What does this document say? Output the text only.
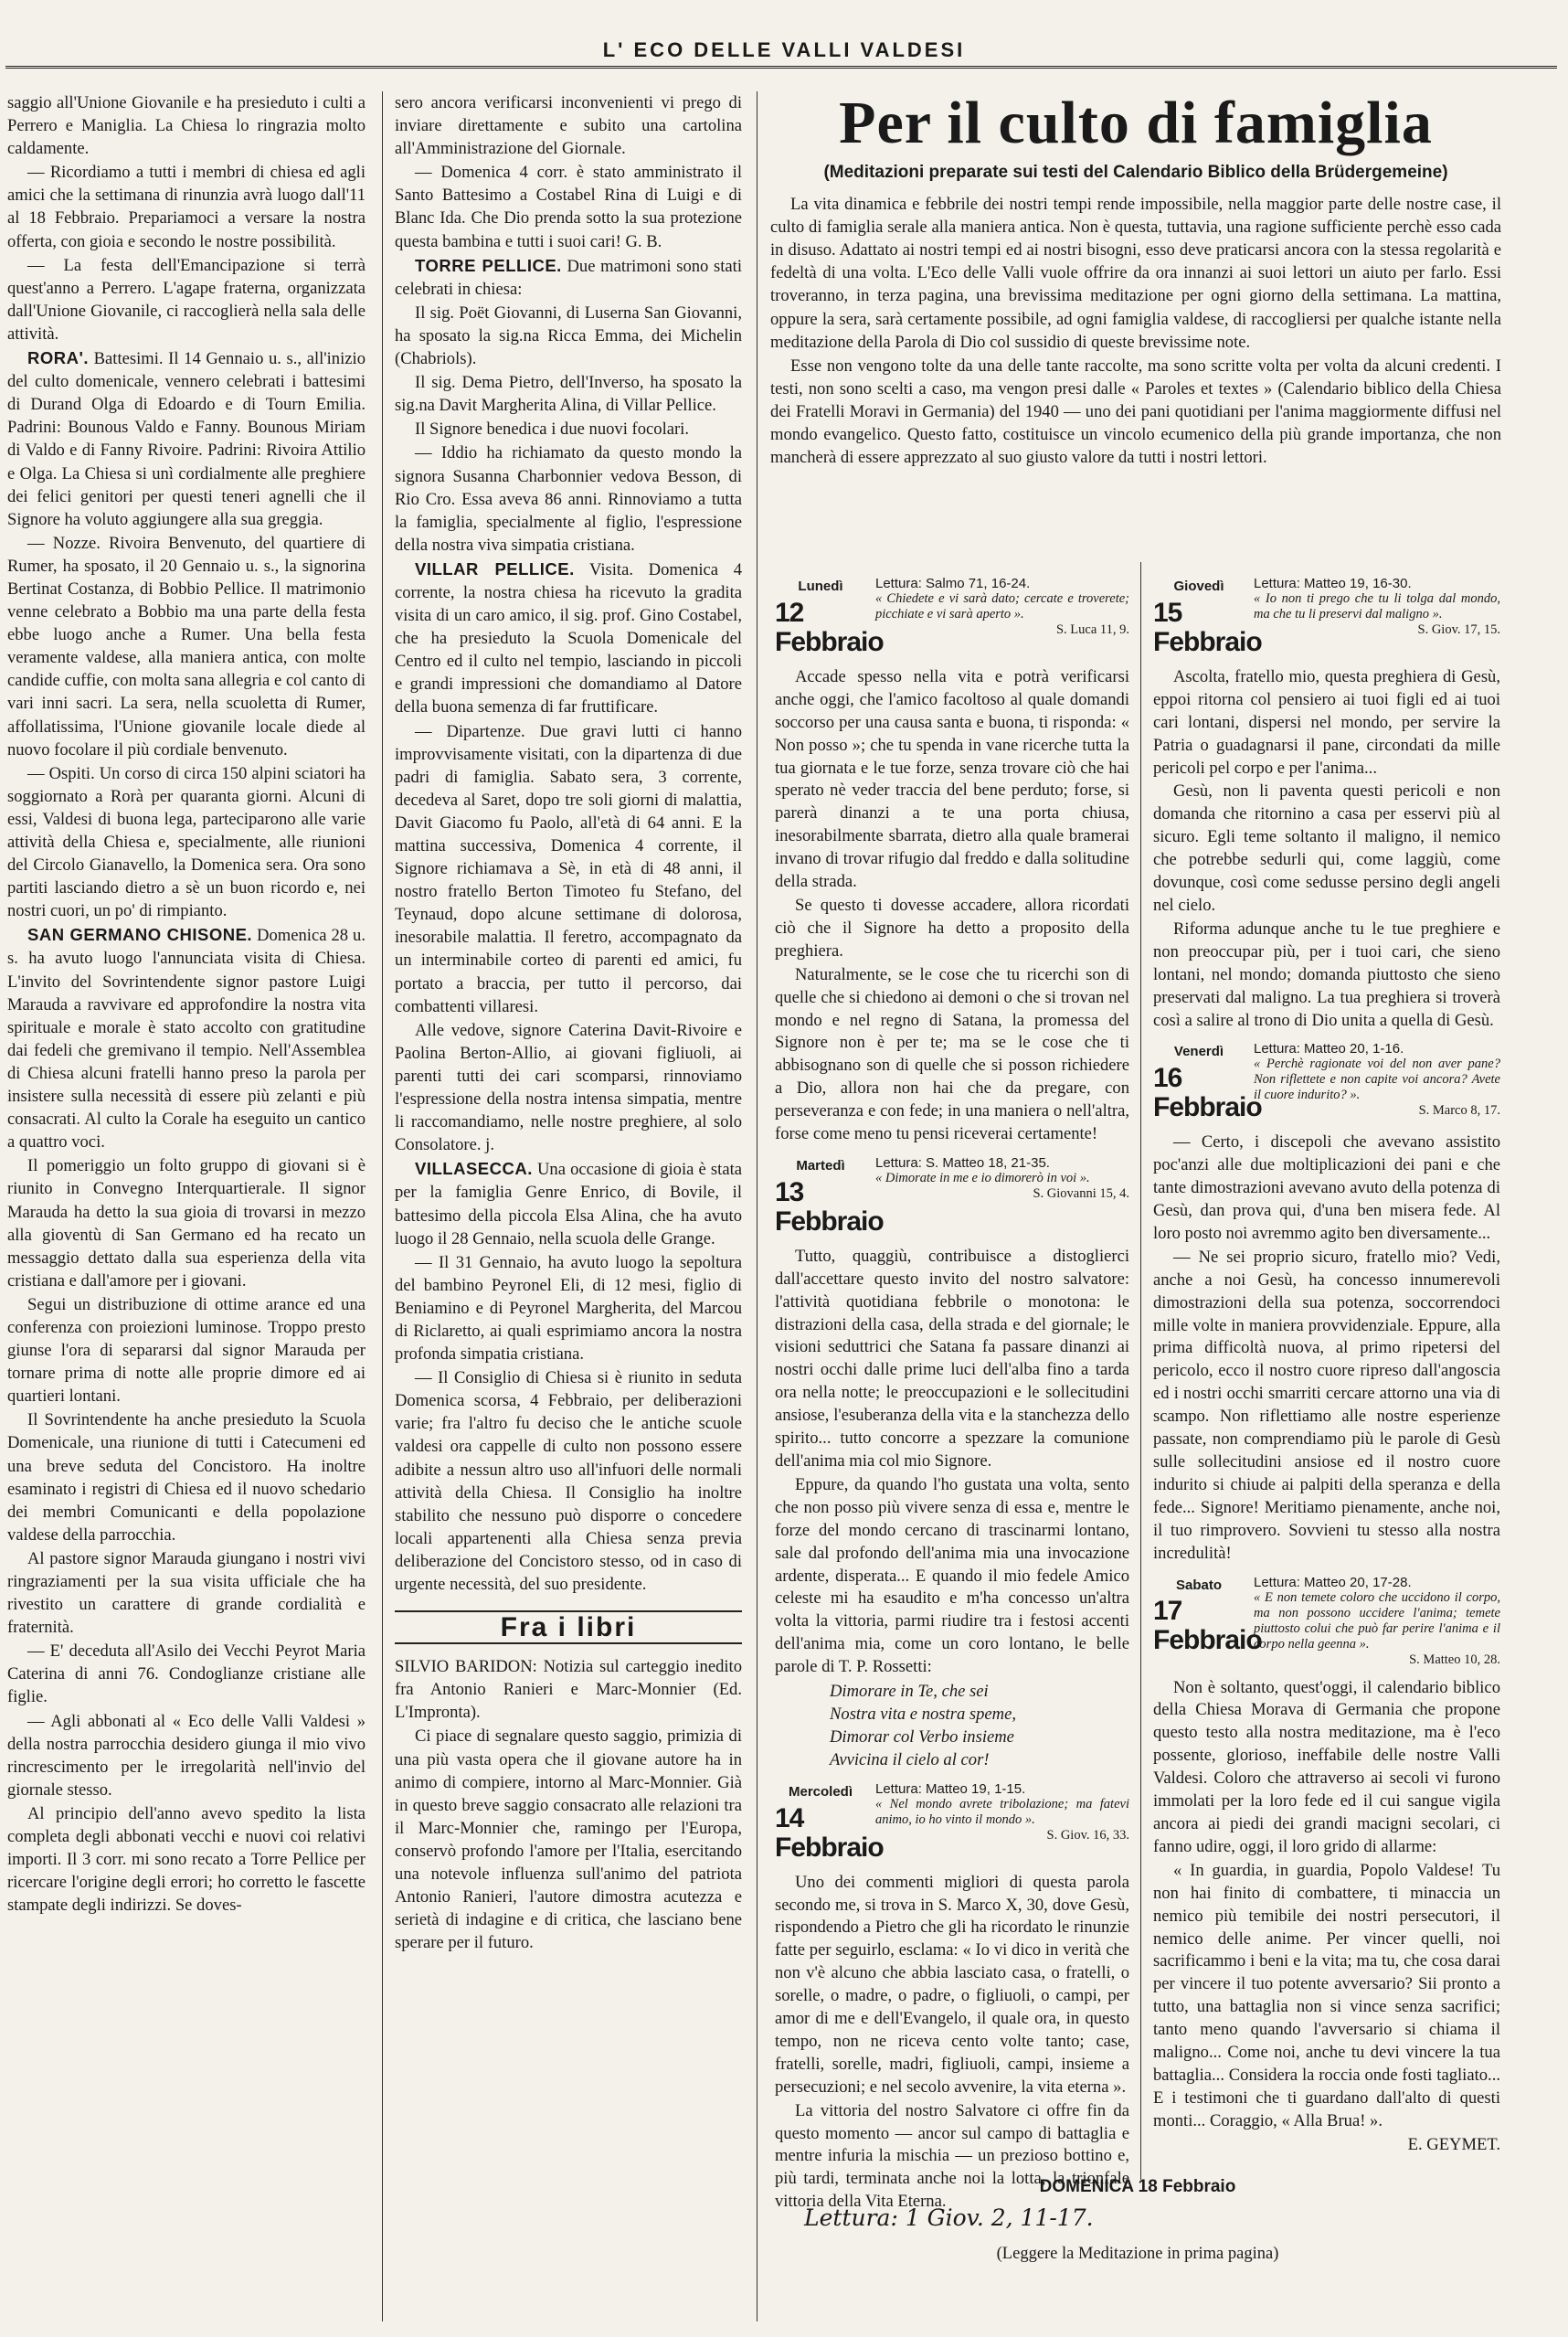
L' ECO DELLE VALLI VALDESI

saggio all'Unione Giovanile e ha presieduto i culti a Perrero e Maniglia. La Chiesa lo ringrazia molto caldamente.

— Ricordiamo a tutti i membri di chiesa ed agli amici che la settimana di rinunzia avrà luogo dall'11 al 18 Febbraio. Prepariamoci a versare la nostra offerta, con gioia e secondo le nostre possibilità.

— La festa dell'Emancipazione si terrà quest'anno a Perrero. L'agape fraterna, organizzata dall'Unione Giovanile, ci raccoglierà nella sala delle attività.

RORA'. Battesimi. Il 14 Gennaio u. s., all'inizio del culto domenicale, vennero celebrati i battesimi di Durand Olga di Edoardo e di Tourn Emilia. Padrini: Bounous Valdo e Fanny. Bounous Miriam di Valdo e di Fanny Rivoire. Padrini: Rivoira Attilio e Olga. La Chiesa si unì cordialmente alle preghiere dei felici genitori per questi teneri agnelli che il Signore ha voluto aggiungere alla sua greggia.

— Nozze. Rivoira Benvenuto, del quartiere di Rumer, ha sposato, il 20 Gennaio u. s., la signorina Bertinat Costanza, di Bobbio Pellice. Il matrimonio venne celebrato a Bobbio ma una parte della festa ebbe luogo anche a Rumer. Una bella festa veramente valdese, alla maniera antica, con molte candide cuffie, con molta sana allegria e col canto di vari inni sacri. La sera, nella scuoletta di Rumer, affollatissima, l'Unione giovanile locale diede al nuovo focolare il più cordiale benvenuto.

— Ospiti. Un corso di circa 150 alpini sciatori ha soggiornato a Rorà per quaranta giorni. Alcuni di essi, Valdesi di buona lega, parteciparono alle varie attività della Chiesa e, specialmente, alle riunioni del Circolo Gianavello, la Domenica sera. Ora sono partiti lasciando dietro a sè un buon ricordo e, nei nostri cuori, un po' di rimpianto.

SAN GERMANO CHISONE. Domenica 28 u. s. ha avuto luogo l'annunciata visita di Chiesa. L'invito del Sovrintendente signor pastore Luigi Marauda a ravvivare ed approfondire la nostra vita spirituale e morale è stato accolto con gratitudine dai fedeli che gremivano il tempio. Nell'Assemblea di Chiesa alcuni fratelli hanno preso la parola per insistere sulla necessità di essere più zelanti e più consacrati. Al culto la Corale ha eseguito un cantico a quattro voci.

Il pomeriggio un folto gruppo di giovani si è riunito in Convegno Interquartierale. Il signor Marauda ha detto la sua gioia di trovarsi in mezzo alla gioventù di San Germano ed ha recato un messaggio dettato dalla sua esperienza della vita cristiana e dall'amore per i giovani.

Segui un distribuzione di ottime arance ed una conferenza con proiezioni luminose. Troppo presto giunse l'ora di separarsi dal signor Marauda per tornare prima di notte alle proprie dimore ed ai quartieri lontani.

Il Sovrintendente ha anche presieduto la Scuola Domenicale, una riunione di tutti i Catecumeni ed una breve seduta del Concistoro. Ha inoltre esaminato i registri di Chiesa ed il nuovo schedario dei membri Comunicanti e della popolazione valdese della parrocchia.

Al pastore signor Marauda giungano i nostri vivi ringraziamenti per la sua visita ufficiale che ha rivestito un carattere di grande cordialità e fraternità.

— E' deceduta all'Asilo dei Vecchi Peyrot Maria Caterina di anni 76. Condoglianze cristiane alle figlie.

— Agli abbonati al « Eco delle Valli Valdesi » della nostra parrocchia desidero giunga il mio vivo rincrescimento per le irregolarità nell'invio del giornale stesso.

Al principio dell'anno avevo spedito la lista completa degli abbonati vecchi e nuovi coi relativi importi. Il 3 corr. mi sono recato a Torre Pellice per ricercare l'origine degli errori; ho corretto le fascette stampate degli indirizzi. Se doves-

sero ancora verificarsi inconvenienti vi prego di inviare direttamente e subito una cartolina all'Amministrazione del Giornale.

— Domenica 4 corr. è stato amministrato il Santo Battesimo a Costabel Rina di Luigi e di Blanc Ida. Che Dio prenda sotto la sua protezione questa bambina e tutti i suoi cari! G. B.

TORRE PELLICE. Due matrimoni sono stati celebrati in chiesa:

Il sig. Poët Giovanni, di Luserna San Giovanni, ha sposato la sig.na Ricca Emma, dei Michelin (Chabriols).

Il sig. Dema Pietro, dell'Inverso, ha sposato la sig.na Davit Margherita Alina, di Villar Pellice.

Il Signore benedica i due nuovi focolari.

— Iddio ha richiamato da questo mondo la signora Susanna Charbonnier vedova Besson, di Rio Cro. Essa aveva 86 anni. Rinnoviamo a tutta la famiglia, specialmente al figlio, l'espressione della nostra viva simpatia cristiana.

VILLAR PELLICE. Visita. Domenica 4 corrente, la nostra chiesa ha ricevuto la gradita visita di un caro amico, il sig. prof. Gino Costabel, che ha presieduto la Scuola Domenicale del Centro ed il culto nel tempio, lasciando in piccoli e grandi impressioni che domandiamo al Datore della buona semenza di far fruttificare.

— Dipartenze. Due gravi lutti ci hanno improvvisamente visitati, con la dipartenza di due padri di famiglia. Sabato sera, 3 corrente, decedeva al Saret, dopo tre soli giorni di malattia, Davit Giacomo fu Paolo, all'età di 64 anni. E la mattina successiva, Domenica 4 corrente, il Signore richiamava a Sè, in età di 48 anni, il nostro fratello Berton Timoteo fu Stefano, del Teynaud, dopo alcune settimane di dolorosa, inesorabile malattia. Il feretro, accompagnato da un interminabile corteo di parenti ed amici, fu portato a braccia, per tutto il percorso, dai combattenti villaresi.

Alle vedove, signore Caterina Davit-Rivoire e Paolina Berton-Allio, ai giovani figliuoli, ai parenti tutti dei cari scomparsi, rinnoviamo l'espressione della nostra intensa simpatia, mentre li raccomandiamo, nelle nostre preghiere, al solo Consolatore. j.

VILLASECCA. Una occasione di gioia è stata per la famiglia Genre Enrico, di Bovile, il battesimo della piccola Elsa Alina, che ha avuto luogo il 28 Gennaio, nella scuola delle Grange.

— Il 31 Gennaio, ha avuto luogo la sepoltura del bambino Peyronel Eli, di 12 mesi, figlio di Beniamino e di Peyronel Margherita, del Marcou di Riclaretto, ai quali esprimiamo ancora la nostra profonda simpatia cristiana.

— Il Consiglio di Chiesa si è riunito in seduta Domenica scorsa, 4 Febbraio, per deliberazioni varie; fra l'altro fu deciso che le antiche scuole valdesi ora cappelle di culto non possono essere adibite a nessun altro uso all'infuori delle normali attività della Chiesa. Il Consiglio ha inoltre stabilito che nessuno può disporre o concedere locali appartenenti alla Chiesa senza previa deliberazione del Concistoro stesso, od in caso di urgente necessità, del suo presidente.

Fra i libri

SILVIO BARIDON: Notizia sul carteggio inedito fra Antonio Ranieri e Marc-Monnier (Ed. L'Impronta).

Ci piace di segnalare questo saggio, primizia di una più vasta opera che il giovane autore ha in animo di compiere, intorno al Marc-Monnier. Già in questo breve saggio consacrato alle relazioni tra il Marc-Monnier che, ramingo per l'Europa, conservò profondo l'amore per l'Italia, esercitando una notevole influenza sull'animo del patriota Antonio Ranieri, l'autore dimostra acutezza e serietà di indagine e di critica, che lasciano bene sperare per il futuro.

Per il culto di famiglia
(Meditazioni preparate sui testi del Calendario Biblico della Brüdergemeine)

La vita dinamica e febbrile dei nostri tempi rende impossibile, nella maggior parte delle nostre case, il culto di famiglia serale alla maniera antica. Non è questa, tuttavia, una ragione sufficiente perchè esso cada in disuso. Adattato ai nostri tempi ed ai nostri bisogni, esso deve praticarsi ancora con la stessa regolarità e fedeltà di una volta. L'Eco delle Valli vuole offrire da ora innanzi ai suoi lettori un aiuto per farlo. Essi troveranno, in terza pagina, una brevissima meditazione per ogni giorno della settimana. La mattina, oppure la sera, sarà certamente possibile, ad ogni famiglia valdese, di raccogliersi per qualche istante nella meditazione della Parola di Dio col sussidio di queste brevissime note.

Esse non vengono tolte da una delle tante raccolte, ma sono scritte volta per volta da alcuni credenti. I testi, non sono scelti a caso, ma vengon presi dalle « Paroles et textes » (Calendario biblico della Chiesa dei Fratelli Moravi in Germania) del 1940 — uno dei pani quotidiani per l'anima maggiormente diffusi nel mondo evangelico. Questo fatto, costituisce un vincolo ecumenico della più grande importanza, che non mancherà di essere apprezzato al suo giusto valore da tutti i nostri lettori.

Lunedì
12 Febbraio
Lettura: Salmo 71, 16-24.
« Chiedete e vi sarà dato; cercate e troverete; picchiate e vi sarà aperto ».
S. Luca 11, 9.

Accade spesso nella vita e potrà verificarsi anche oggi, che l'amico facoltoso al quale domandi soccorso per una causa santa e buona, ti risponda: « Non posso »; che tu spenda in vane ricerche tutta la tua giornata e le tue forze, senza trovare ciò che hai sperato nè veder traccia del bene perduto; forse, si parerà dinanzi a te una porta chiusa, inesorabilmente sbarrata, dietro alla quale bramerai invano di trovar rifugio dal freddo e dalla solitudine della strada.

Se questo ti dovesse accadere, allora ricordati ciò che il Signore ha detto a proposito della preghiera.

Naturalmente, se le cose che tu ricerchi son di quelle che si chiedono ai demoni o che si trovan nel mondo e nel regno di Satana, la promessa del Signore non è per te; ma se le cose che ti abbisognano son di quelle che si posson richiedere a Dio, allora non hai che da pregare, con perseveranza e con fede; in una maniera o nell'altra, forse come meno tu pensi riceverai certamente!

Martedì
13 Febbraio
Lettura: S. Matteo 18, 21-35.
« Dimorate in me e io dimorerò in voi ».
S. Giovanni 15, 4.

Tutto, quaggiù, contribuisce a distoglierci dall'accettare questo invito del nostro salvatore: l'attività quotidiana febbrile o monotona: le distrazioni della casa, della strada e del giornale; le visioni seduttrici che Satana fa passare dinanzi ai nostri occhi dalle prime luci dell'alba fino a tarda ora nella notte; le preoccupazioni e le sollecitudini ansiose, l'esuberanza della vita e la stanchezza dello spirito... tutto concorre a spezzare la comunione dell'anima mia col mio Signore.

Eppure, da quando l'ho gustata una volta, sento che non posso più vivere senza di essa e, mentre le forze del mondo cercano di trascinarmi lontano, sale dal profondo dell'anima mia una invocazione ardente, disperata... E quando il mio fedele Amico celeste mi ha esaudito e m'ha concesso un'altra volta la vittoria, parmi riudire tra i festosi accenti dell'anima mia, come un coro lontano, le belle parole di T. P. Rossetti:

Dimorare in Te, che sei
Nostra vita e nostra speme,
Dimorar col Verbo insieme
Avvicina il cielo al cor!
Mercoledì
14 Febbraio
Lettura: Matteo 19, 1-15.
« Nel mondo avrete tribolazione; ma fatevi animo, io ho vinto il mondo ».
S. Giov. 16, 33.

Uno dei commenti migliori di questa parola secondo me, si trova in S. Marco X, 30, dove Gesù, rispondendo a Pietro che gli ha ricordato le rinunzie fatte per seguirlo, esclama: « Io vi dico in verità che non v'è alcuno che abbia lasciato casa, o fratelli, o sorelle, o madre, o padre, o figliuoli, o campi, per amor di me e dell'Evangelo, il quale ora, in questo tempo, non ne riceva cento volte tanto; case, fratelli, sorelle, madri, figliuoli, campi, insieme a persecuzioni; e nel secolo avvenire, la vita eterna ».

La vittoria del nostro Salvatore ci offre fin da questo momento — ancor sul campo di battaglia e mentre infuria la mischia — un prezioso bottino e, più tardi, terminata anche noi la lotta, la trionfale vittoria della Vita Eterna.

Giovedì
15 Febbraio
Lettura: Matteo 19, 16-30.
« Io non ti prego che tu li tolga dal mondo, ma che tu li preservi dal maligno ».
S. Giov. 17, 15.

Ascolta, fratello mio, questa preghiera di Gesù, eppoi ritorna col pensiero ai tuoi figli ed ai tuoi cari lontani, dispersi nel mondo, per servire la Patria o guadagnarsi il pane, circondati da mille pericoli pel corpo e per l'anima...

Gesù, non li paventa questi pericoli e non domanda che ritornino a casa per esservi più al sicuro. Egli teme soltanto il maligno, il nemico che potrebbe sedurli qui, come laggiù, come dovunque, così come sedusse persino degli angeli nel cielo.

Riforma adunque anche tu le tue preghiere e non preoccupar più, per i tuoi cari, che sieno lontani, nel mondo; domanda piuttosto che sieno preservati dal maligno. La tua preghiera si troverà così a salire al trono di Dio unita a quella di Gesù.

Venerdì
16 Febbraio
Lettura: Matteo 20, 1-16.
« Perchè ragionate voi del non aver pane? Non riflettete e non capite voi ancora? Avete il cuore indurito? ».
S. Marco 8, 17.

— Certo, i discepoli che avevano assistito poc'anzi alle due moltiplicazioni dei pani e che tante dimostrazioni avevano avuto della potenza di Gesù, dan prova qui, d'una ben misera fede. Al loro posto noi avremmo agito ben diversamente...

— Ne sei proprio sicuro, fratello mio? Vedi, anche a noi Gesù, ha concesso innumerevoli dimostrazioni della sua potenza, soccorrendoci mille volte in maniera provvidenziale. Eppure, alla prima difficoltà nuova, al primo ripetersi del pericolo, ecco il nostro cuore ripreso dall'angoscia ed i nostri occhi smarriti cercare attorno una via di scampo. Non riflettiamo alle nostre esperienze passate, non comprendiamo più le parole di Gesù sulle sollecitudini ansiose ed il nostro cuore indurito si chiude ai palpiti della speranza e della fede... Signore! Meritiamo pienamente, anche noi, il tuo rimprovero. Sovvieni tu stesso alla nostra incredulità!

Sabato
17 Febbraio
Lettura: Matteo 20, 17-28.
« E non temete coloro che uccidono il corpo, ma non possono uccidere l'anima; temete piuttosto colui che può far perire l'anima e il corpo nella geenna ».
S. Matteo 10, 28.

Non è soltanto, quest'oggi, il calendario biblico della Chiesa Morava di Germania che propone questo testo alla nostra meditazione, ma è l'eco possente, glorioso, ineffabile delle nostre Valli Valdesi. Coloro che attraverso ai secoli vi furono immolati per la loro fede ed il cui sangue vigila ancora ai piedi dei grandi macigni secolari, ci fanno udire, oggi, il loro grido di allarme:

« In guardia, in guardia, Popolo Valdese! Tu non hai finito di combattere, ti minaccia un nemico più temibile dei nostri persecutori, il nemico delle anime. Per vincer quelli, noi sacrificammo i beni e la vita; ma tu, che cosa darai per vincere il tuo potente avversario? Sii pronto a tutto, una battaglia non si vince senza sacrifici; tanto meno quando l'avversario si chiama il maligno... Come noi, anche tu devi vincere la tua battaglia... Considera la roccia onde fosti tagliato... E i testimoni che ti guardano dall'alto di questi monti... Coraggio, « Alla Brua! ».

E. GEYMET.
DOMENICA 18 Febbraio
Lettura: 1 Giov. 2, 11-17.
(Leggere la Meditazione in prima pagina)
